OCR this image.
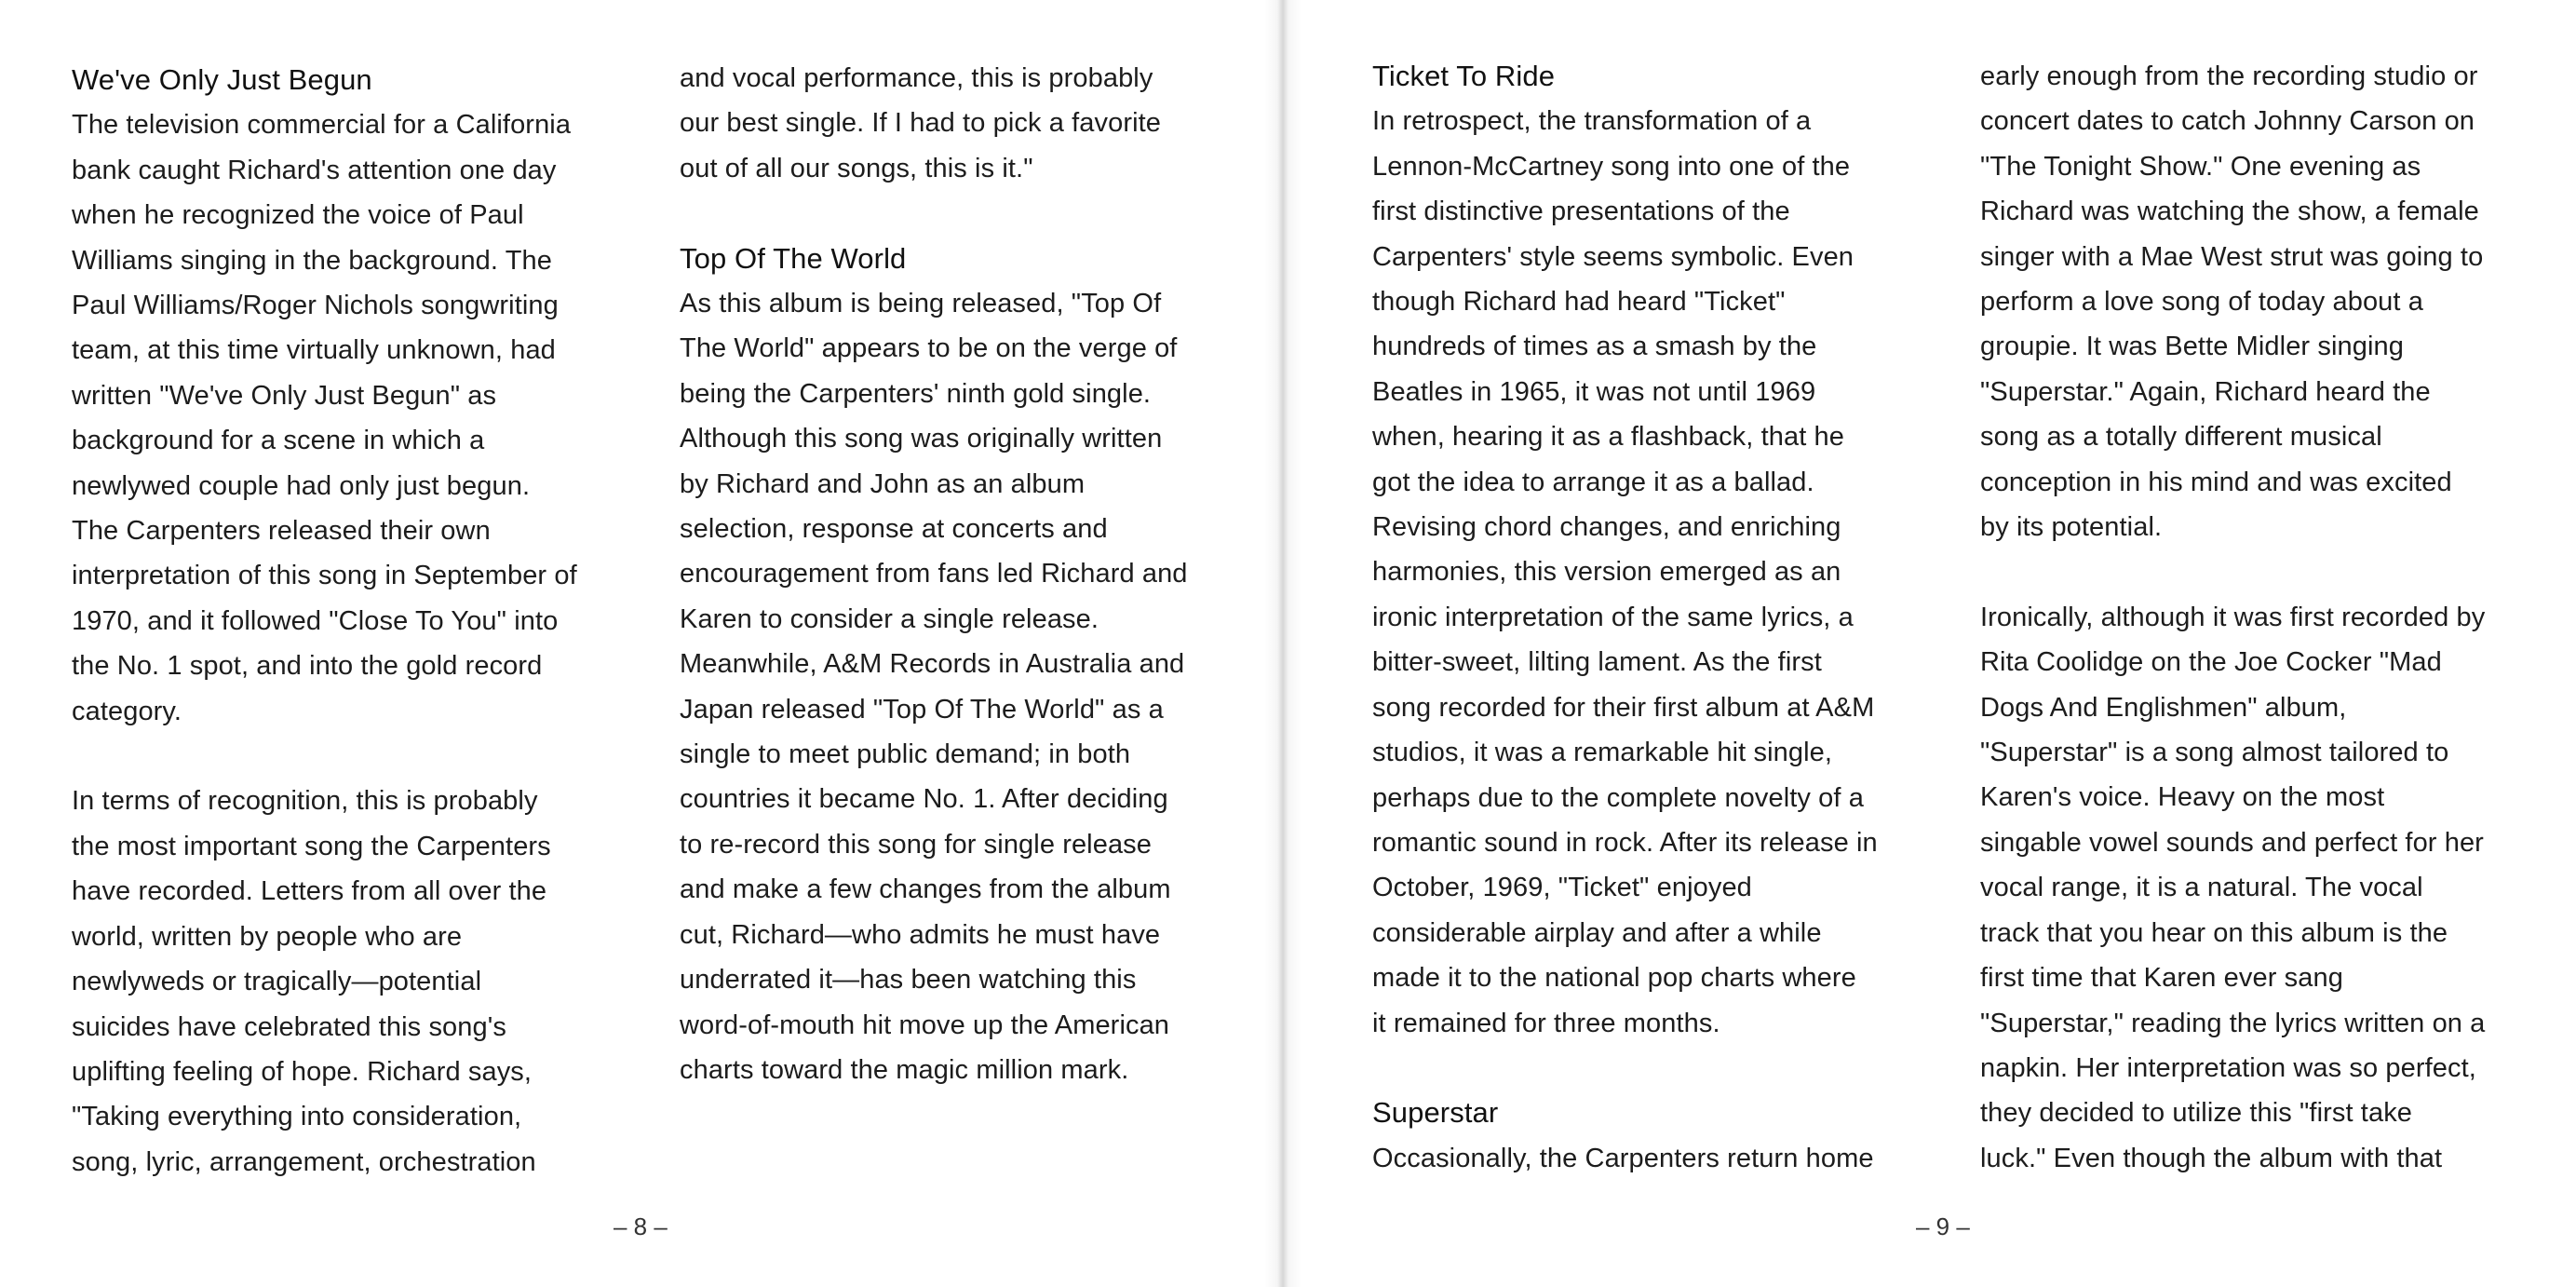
We've Only Just Begun

The television commercial for a California
bank caught Richard's attention one day
when he recognized the voice of Paul
Williams singing in the background. The
Paul Williams/Roger Nichols songwriting
team, at this time virtually unknown, had
written "We've Only Just Begun" as
background for a scene in which a
newlywed couple had only just begun.
The Carpenters released their own
interpretation of this song in September of
1970, and it followed "Close To You" into
the No. 1 spot, and into the gold record
category.

In terms of recognition, this is probably
the most important song the Carpenters
have recorded. Letters from all over the
world, written by people who are
newlyweds or tragically—potential
suicides have celebrated this song's
uplifting feeling of hope. Richard says,
"Taking everything into consideration,
song, lyric, arrangement, orchestration

and vocal performance, this is probably
our best single. If I had to pick a favorite
out of all our songs, this is it."

Top Of The World

As this album is being released, "Top Of
The World" appears to be on the verge of
being the Carpenters' ninth gold single.
Although this song was originally written
by Richard and John as an album
selection, response at concerts and
encouragement from fans led Richard and
Karen to consider a single release.
Meanwhile, A&M Records in Australia and
Japan released "Top Of The World" as a
single to meet public demand; in both
countries it became No. 1. After deciding
to re-record this song for single release
and make a few changes from the album
cut, Richard—who admits he must have
underrated it—has been watching this
word-of-mouth hit move up the American
charts toward the magic million mark.

– 8 –
Ticket To Ride

In retrospect, the transformation of a
Lennon-McCartney song into one of the
first distinctive presentations of the
Carpenters' style seems symbolic. Even
though Richard had heard "Ticket"
hundreds of times as a smash by the
Beatles in 1965, it was not until 1969
when, hearing it as a flashback, that he
got the idea to arrange it as a ballad.
Revising chord changes, and enriching
harmonies, this version emerged as an
ironic interpretation of the same lyrics, a
bitter-sweet, lilting lament. As the first
song recorded for their first album at A&M
studios, it was a remarkable hit single,
perhaps due to the complete novelty of a
romantic sound in rock. After its release in
October, 1969, "Ticket" enjoyed
considerable airplay and after a while
made it to the national pop charts where
it remained for three months.

Superstar

Occasionally, the Carpenters return home

early enough from the recording studio or
concert dates to catch Johnny Carson on
"The Tonight Show." One evening as
Richard was watching the show, a female
singer with a Mae West strut was going to
perform a love song of today about a
groupie. It was Bette Midler singing
"Superstar." Again, Richard heard the
song as a totally different musical
conception in his mind and was excited
by its potential.

Ironically, although it was first recorded by
Rita Coolidge on the Joe Cocker "Mad
Dogs And Englishmen" album,
"Superstar" is a song almost tailored to
Karen's voice. Heavy on the most
singable vowel sounds and perfect for her
vocal range, it is a natural. The vocal
track that you hear on this album is the
first time that Karen ever sang
"Superstar," reading the lyrics written on a
napkin. Her interpretation was so perfect,
they decided to utilize this "first take
luck." Even though the album with that

– 9 –
